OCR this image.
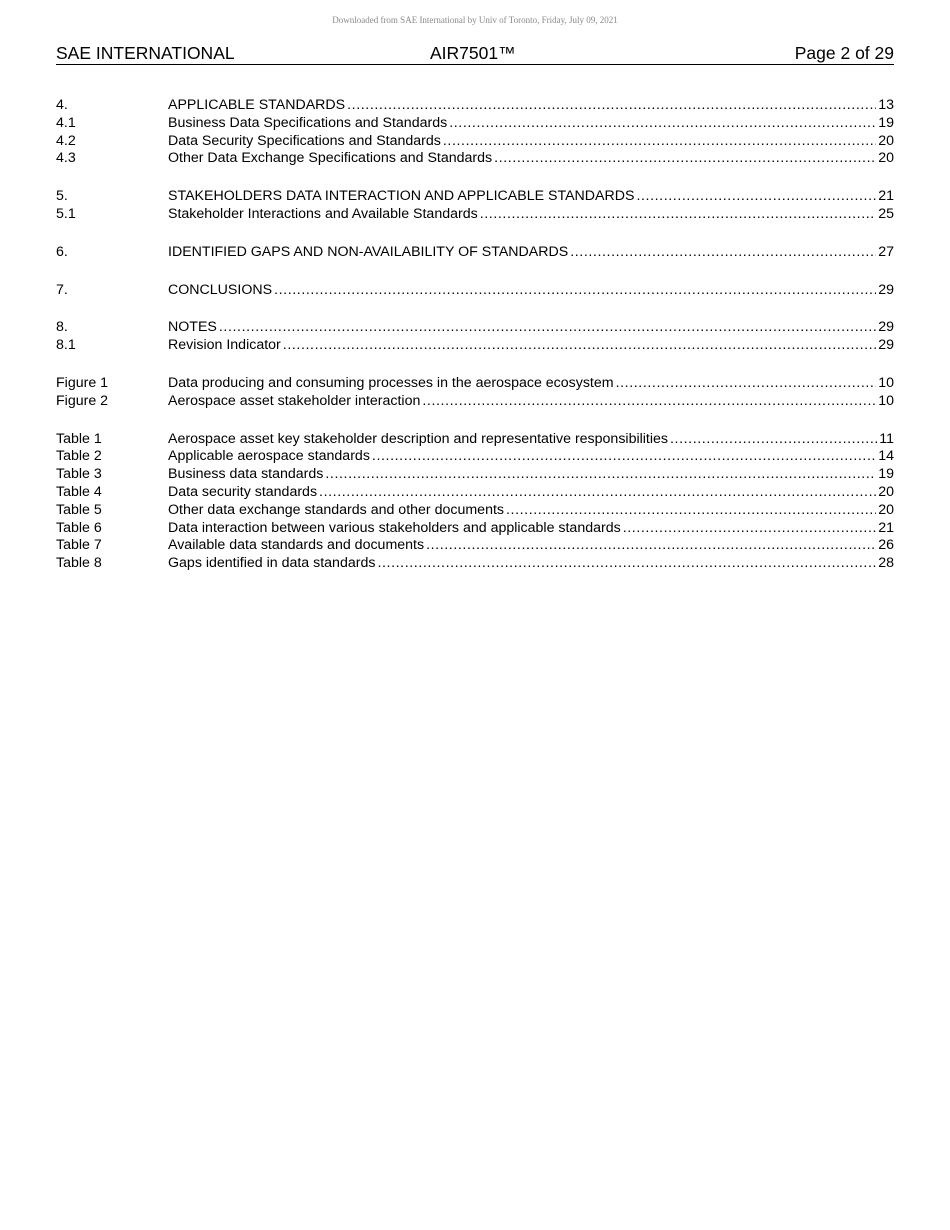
Downloaded from SAE International by Univ of Toronto, Friday, July 09, 2021
SAE INTERNATIONAL	AIR7501™	Page 2 of 29
4.	APPLICABLE STANDARDS .....	13
4.1	Business Data Specifications and Standards .....	19
4.2	Data Security Specifications and Standards .....	20
4.3	Other Data Exchange Specifications and Standards .....	20
5.	STAKEHOLDERS DATA INTERACTION AND APPLICABLE STANDARDS .....	21
5.1	Stakeholder Interactions and Available Standards .....	25
6.	IDENTIFIED GAPS AND NON-AVAILABILITY OF STANDARDS .....	27
7.	CONCLUSIONS .....	29
8.	NOTES .....	29
8.1	Revision Indicator .....	29
Figure 1	Data producing and consuming processes in the aerospace ecosystem .....	10
Figure 2	Aerospace asset stakeholder interaction .....	10
Table 1	Aerospace asset key stakeholder description and representative responsibilities .....	11
Table 2	Applicable aerospace standards .....	14
Table 3	Business data standards .....	19
Table 4	Data security standards .....	20
Table 5	Other data exchange standards and other documents .....	20
Table 6	Data interaction between various stakeholders and applicable standards .....	21
Table 7	Available data standards and documents .....	26
Table 8	Gaps identified in data standards .....	28
